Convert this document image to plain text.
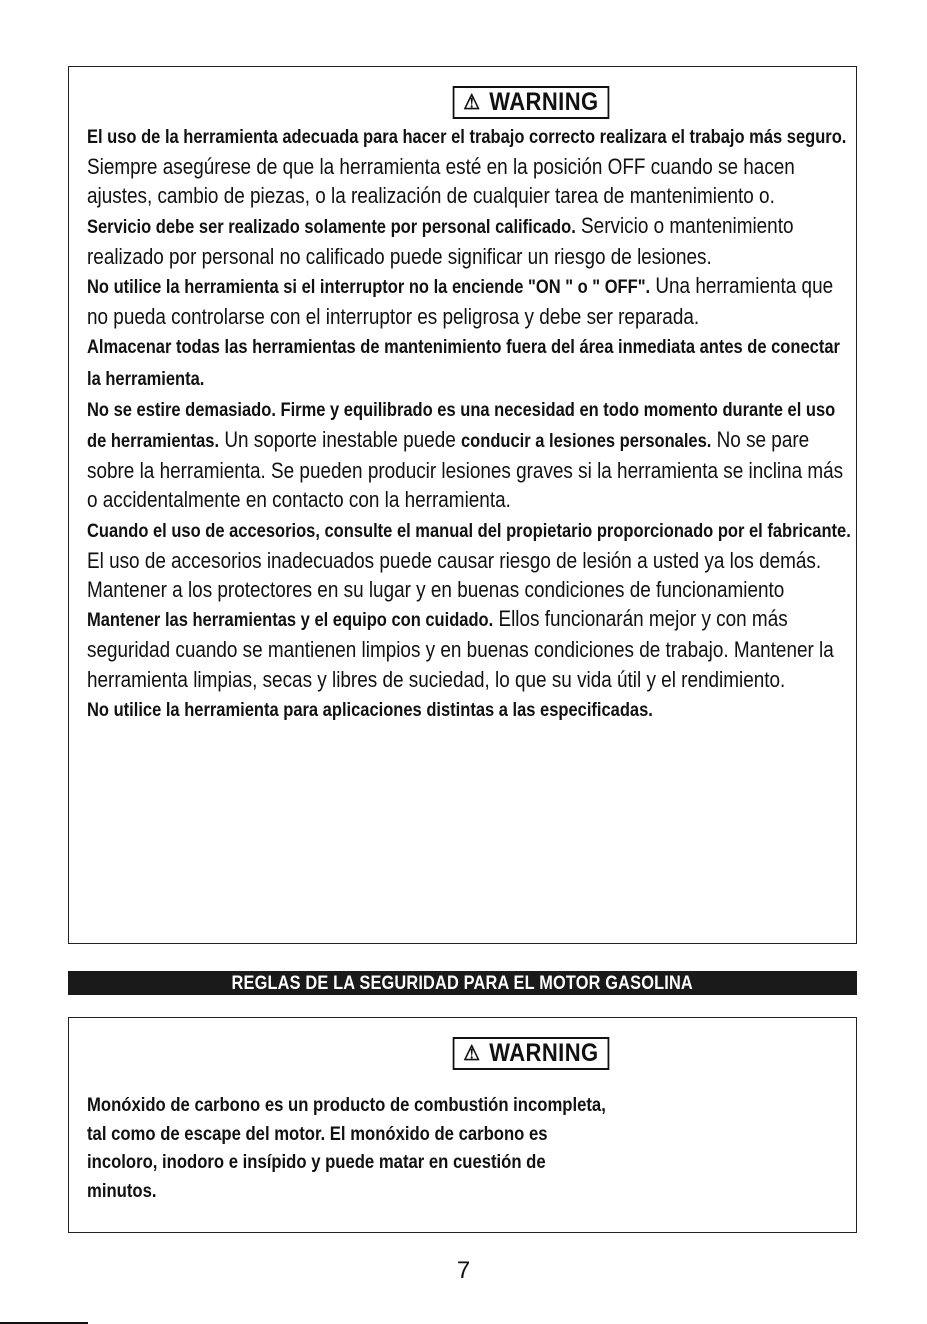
⚠ WARNING

El uso de la herramienta adecuada para hacer el trabajo correcto realizara el trabajo más seguro.

Siempre asegúrese de que la herramienta esté en la posición OFF cuando se hacen ajustes, cambio de piezas, o la realización de cualquier tarea de mantenimiento o.

Servicio debe ser realizado solamente por personal calificado. Servicio o mantenimiento realizado por personal no calificado puede significar un riesgo de lesiones.

No utilice la herramienta si el interruptor no la enciende "ON " o " OFF". Una herramienta que no pueda controlarse con el interruptor es peligrosa y debe ser reparada.

Almacenar todas las herramientas de mantenimiento fuera del área inmediata antes de conectar la herramienta.

No se estire demasiado. Firme y equilibrado es una necesidad en todo momento durante el uso de herramientas. Un soporte inestable puede conducir a lesiones personales. No se pare sobre la herramienta. Se pueden producir lesiones graves si la herramienta se inclina más o accidentalmente en contacto con la herramienta.

Cuando el uso de accesorios, consulte el manual del propietario proporcionado por el fabricante. El uso de accesorios inadecuados puede causar riesgo de lesión a usted ya los demás.

Mantener a los protectores en su lugar y en buenas condiciones de funcionamiento

Mantener las herramientas y el equipo con cuidado. Ellos funcionarán mejor y con más seguridad cuando se mantienen limpios y en buenas condiciones de trabajo. Mantener la herramienta limpias, secas y libres de suciedad, lo que su vida útil y el rendimiento.

No utilice la herramienta para aplicaciones distintas a las especificadas.

REGLAS DE LA SEGURIDAD PARA EL MOTOR GASOLINA
⚠ WARNING
Monóxido de carbono es un producto de combustión incompleta,
tal como de escape del motor. El monóxido de carbono es
incoloro, inodoro e insípido y puede matar en cuestión de
minutos.
7
